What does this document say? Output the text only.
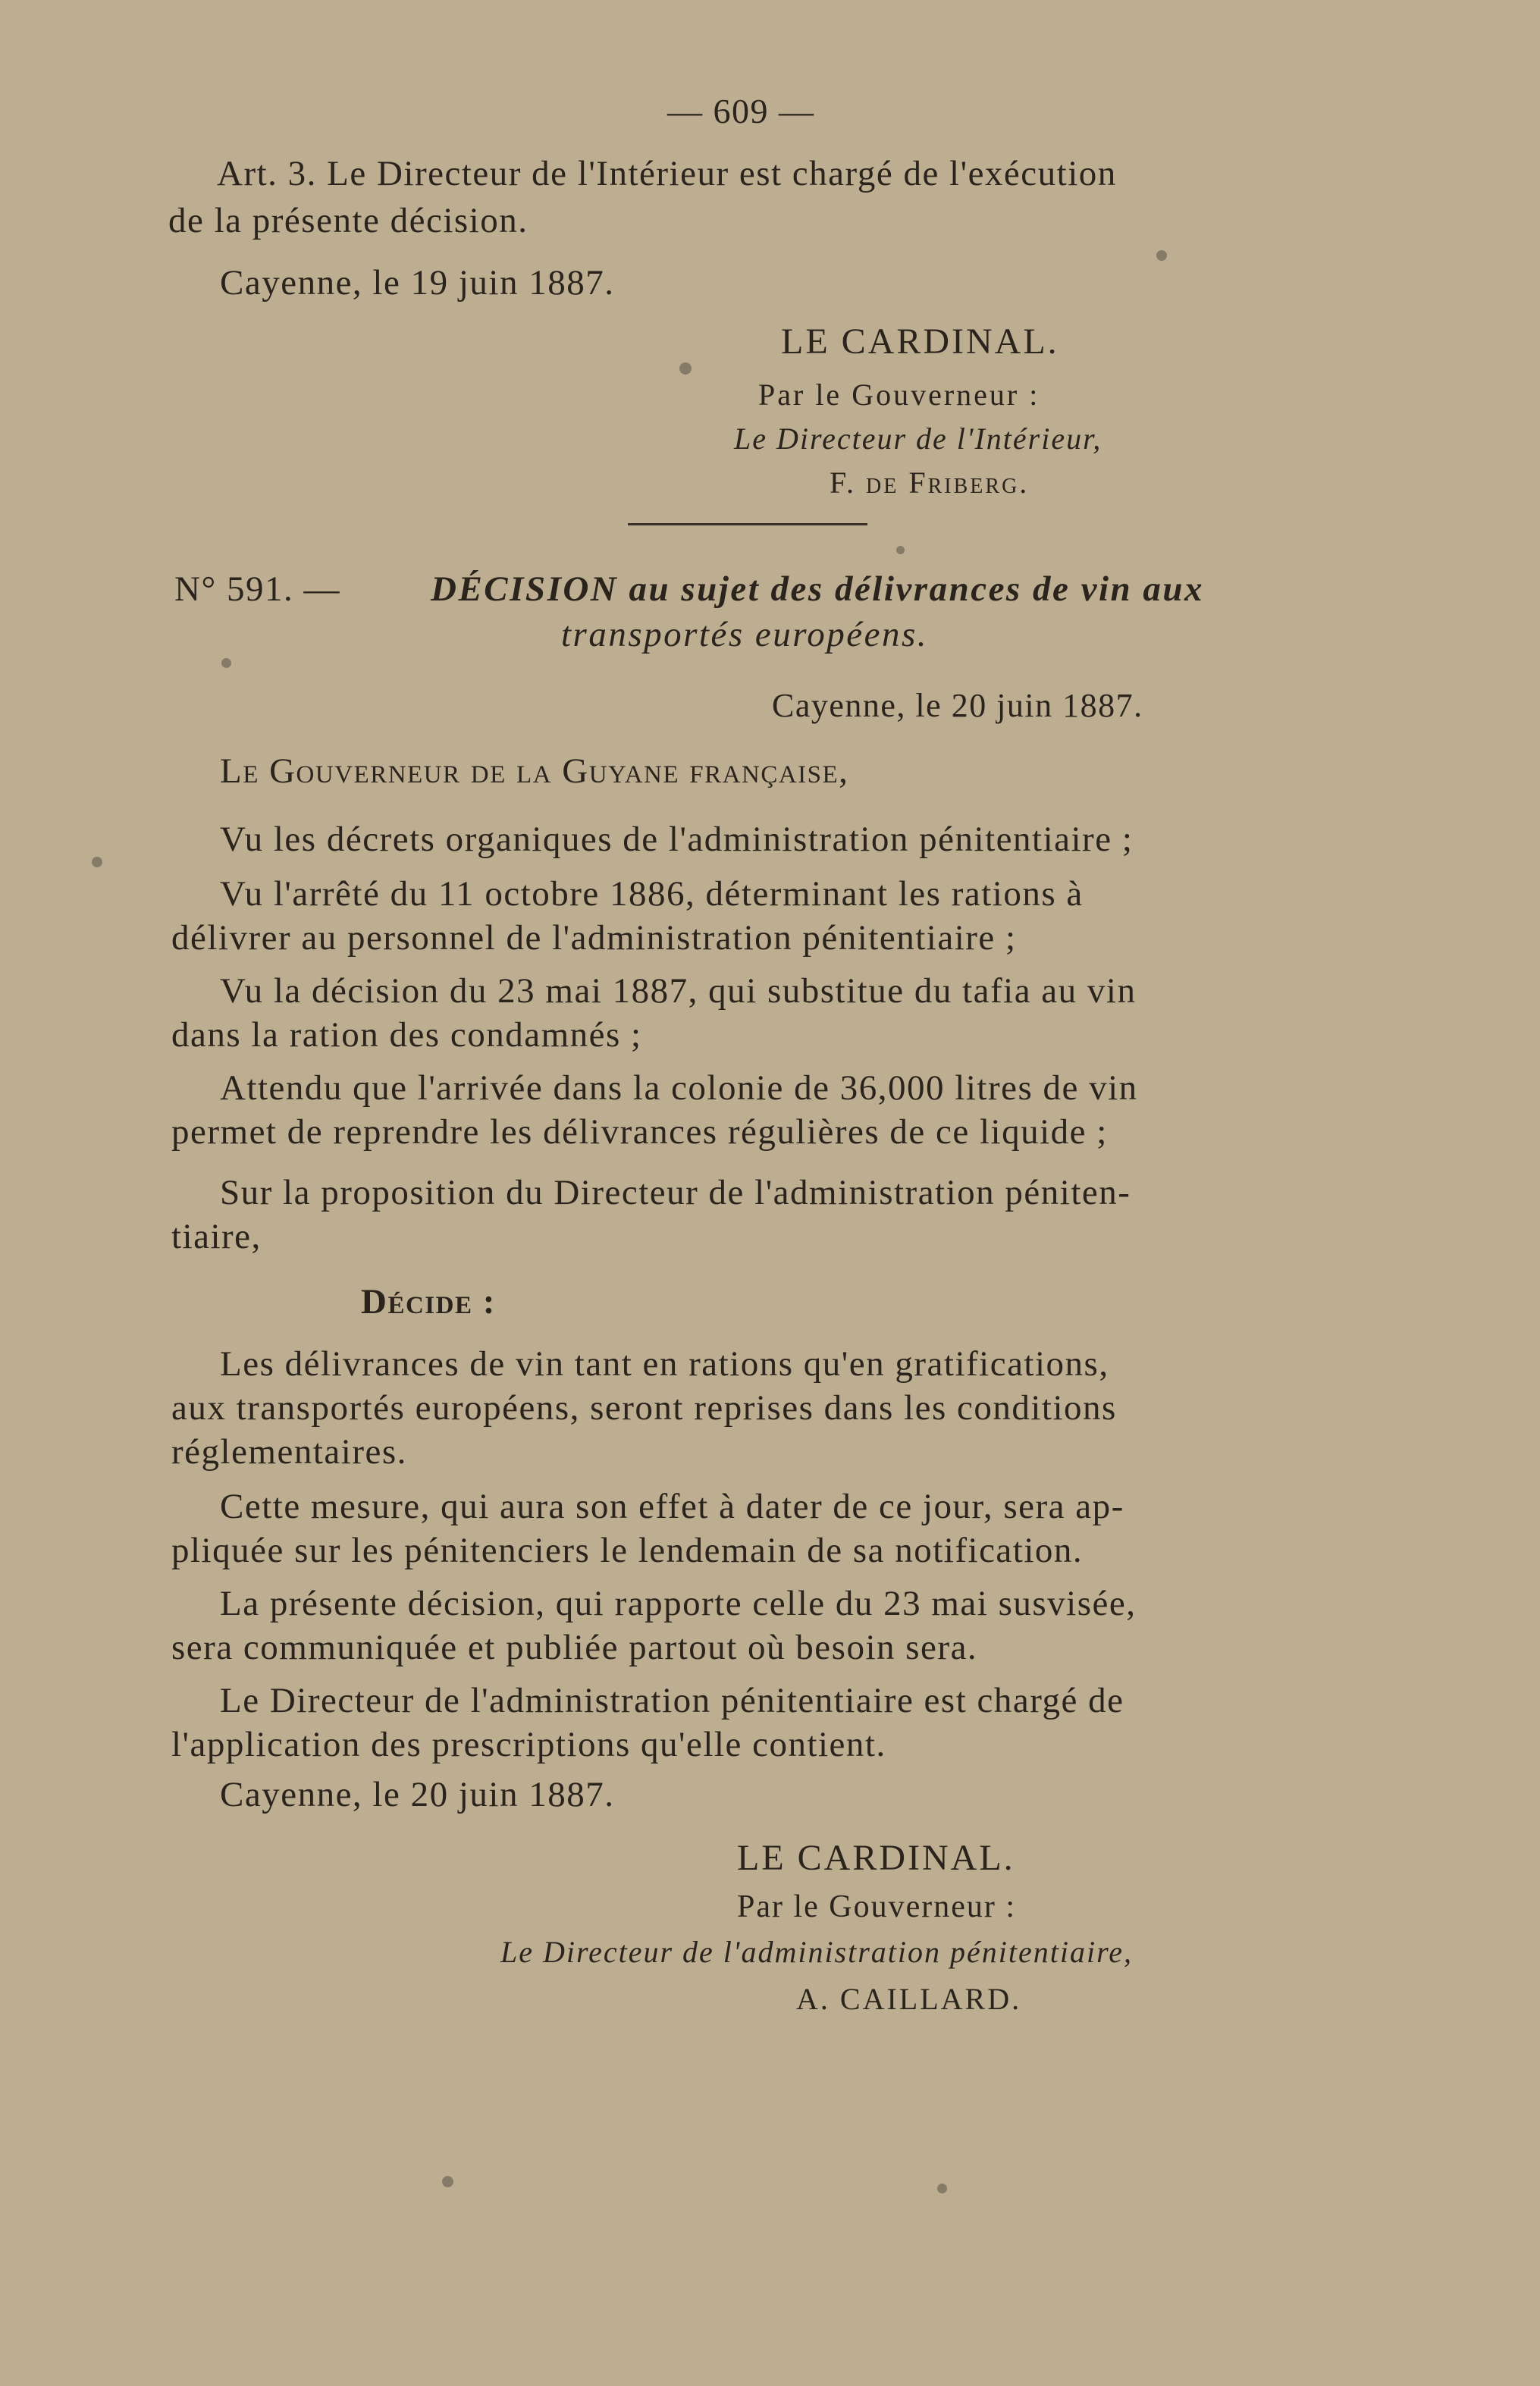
— 609 —

Art. 3. Le Directeur de l'Intérieur est chargé de l'exécution

de la présente décision.

Cayenne, le 19 juin 1887.

LE CARDINAL.

Par le Gouverneur :

Le Directeur de l'Intérieur,

F. de Friberg.

N° 591. —	DÉCISION au sujet des délivrances de vin aux

transportés européens.

Cayenne, le 20 juin 1887.

Le Gouverneur de la Guyane française,

Vu les décrets organiques de l'administration pénitentiaire ;

Vu l'arrêté du 11 octobre 1886, déterminant les rations à

délivrer au personnel de l'administration pénitentiaire ;

Vu la décision du 23 mai 1887, qui substitue du tafia au vin

dans la ration des condamnés ;

Attendu que l'arrivée dans la colonie de 36,000 litres de vin

permet de reprendre les délivrances régulières de ce liquide ;

Sur la proposition du Directeur de l'administration péniten-

tiaire,

Décide :

Les délivrances de vin tant en rations qu'en gratifications,

aux transportés européens, seront reprises dans les conditions

réglementaires.

Cette mesure, qui aura son effet à dater de ce jour, sera ap-

pliquée sur les pénitenciers le lendemain de sa notification.

La présente décision, qui rapporte celle du 23 mai susvisée,

sera communiquée et publiée partout où besoin sera.

Le Directeur de l'administration pénitentiaire est chargé de

l'application des prescriptions qu'elle contient.

Cayenne, le 20 juin 1887.

LE CARDINAL.

Par le Gouverneur :

Le Directeur de l'administration pénitentiaire,

A. CAILLARD.
